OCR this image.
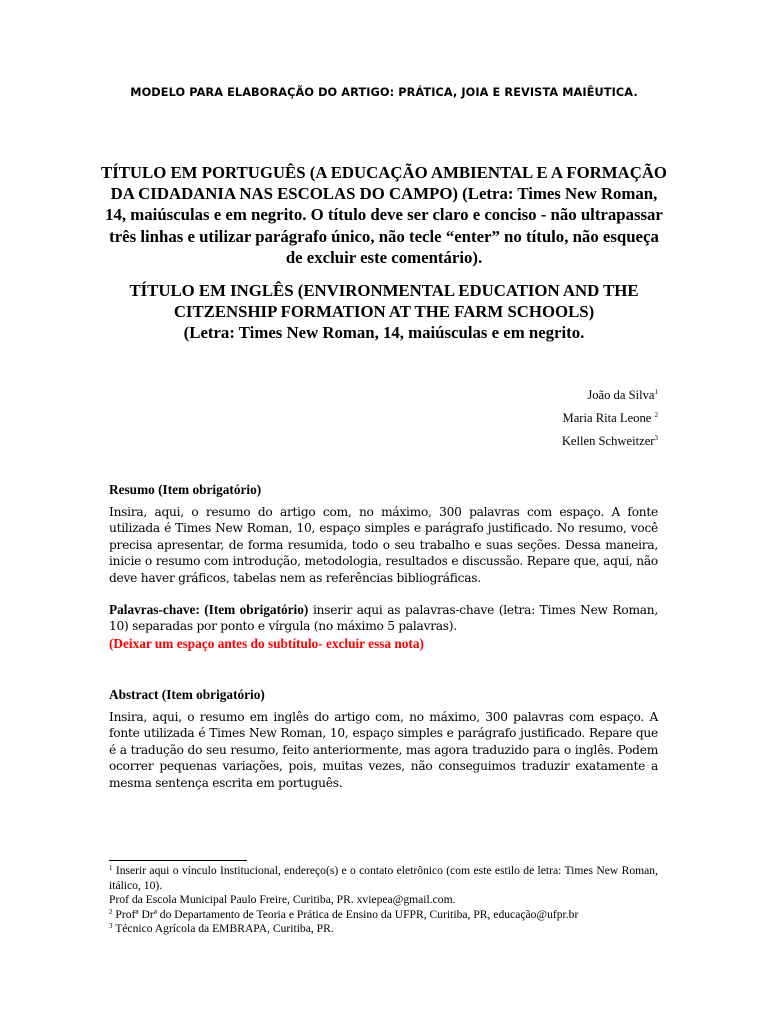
MODELO PARA ELABORAÇÃO DO ARTIGO: PRÁTICA, JOIA E REVISTA MAIÊUTICA.
TÍTULO EM PORTUGUÊS (A EDUCAÇÃO AMBIENTAL E A FORMAÇÃO DA CIDADANIA NAS ESCOLAS DO CAMPO) (Letra: Times New Roman, 14, maiúsculas e em negrito. O título deve ser claro e conciso - não ultrapassar três linhas e utilizar parágrafo único, não tecle “enter” no título, não esqueça de excluir este comentário).
TÍTULO EM INGLÊS (ENVIRONMENTAL EDUCATION AND THE CITZENSHIP FORMATION AT THE FARM SCHOOLS)
(Letra: Times New Roman, 14, maiúsculas e em negrito.
João da Silva$^1$
Maria Rita Leone $^2$
Kellen Schweitzer$^3$
Resumo (Item obrigatório)
Insira, aqui, o resumo do artigo com, no máximo, 300 palavras com espaço. A fonte utilizada é Times New Roman, 10, espaço simples e parágrafo justificado. No resumo, você precisa apresentar, de forma resumida, todo o seu trabalho e suas seções. Dessa maneira, inicie o resumo com introdução, metodologia, resultados e discussão. Repare que, aqui, não deve haver gráficos, tabelas nem as referências bibliográficas.
Palavras-chave: (Item obrigatório) inserir aqui as palavras-chave (letra: Times New Roman, 10) separadas por ponto e vírgula (no máximo 5 palavras).
(Deixar um espaço antes do subtítulo- excluir essa nota)
Abstract (Item obrigatório)
Insira, aqui, o resumo em inglês do artigo com, no máximo, 300 palavras com espaço. A fonte utilizada é Times New Roman, 10, espaço simples e parágrafo justificado. Repare que é a tradução do seu resumo, feito anteriormente, mas agora traduzido para o inglês. Podem ocorrer pequenas variações, pois, muitas vezes, não conseguimos traduzir exatamente a mesma sentença escrita em português.
$^1$ Inserir aqui o vínculo Institucional, endereço(s) e o contato eletrônico (com este estilo de letra: Times New Roman, itálico, 10).
Prof da Escola Municipal Paulo Freire, Curitiba, PR. xviepea@gmail.com.
$^2$ Profª Drª do Departamento de Teoria e Prática de Ensino da UFPR, Curitiba, PR, educação@ufpr.br
$^3$ Técnico Agrícola da EMBRAPA, Curitiba, PR.
